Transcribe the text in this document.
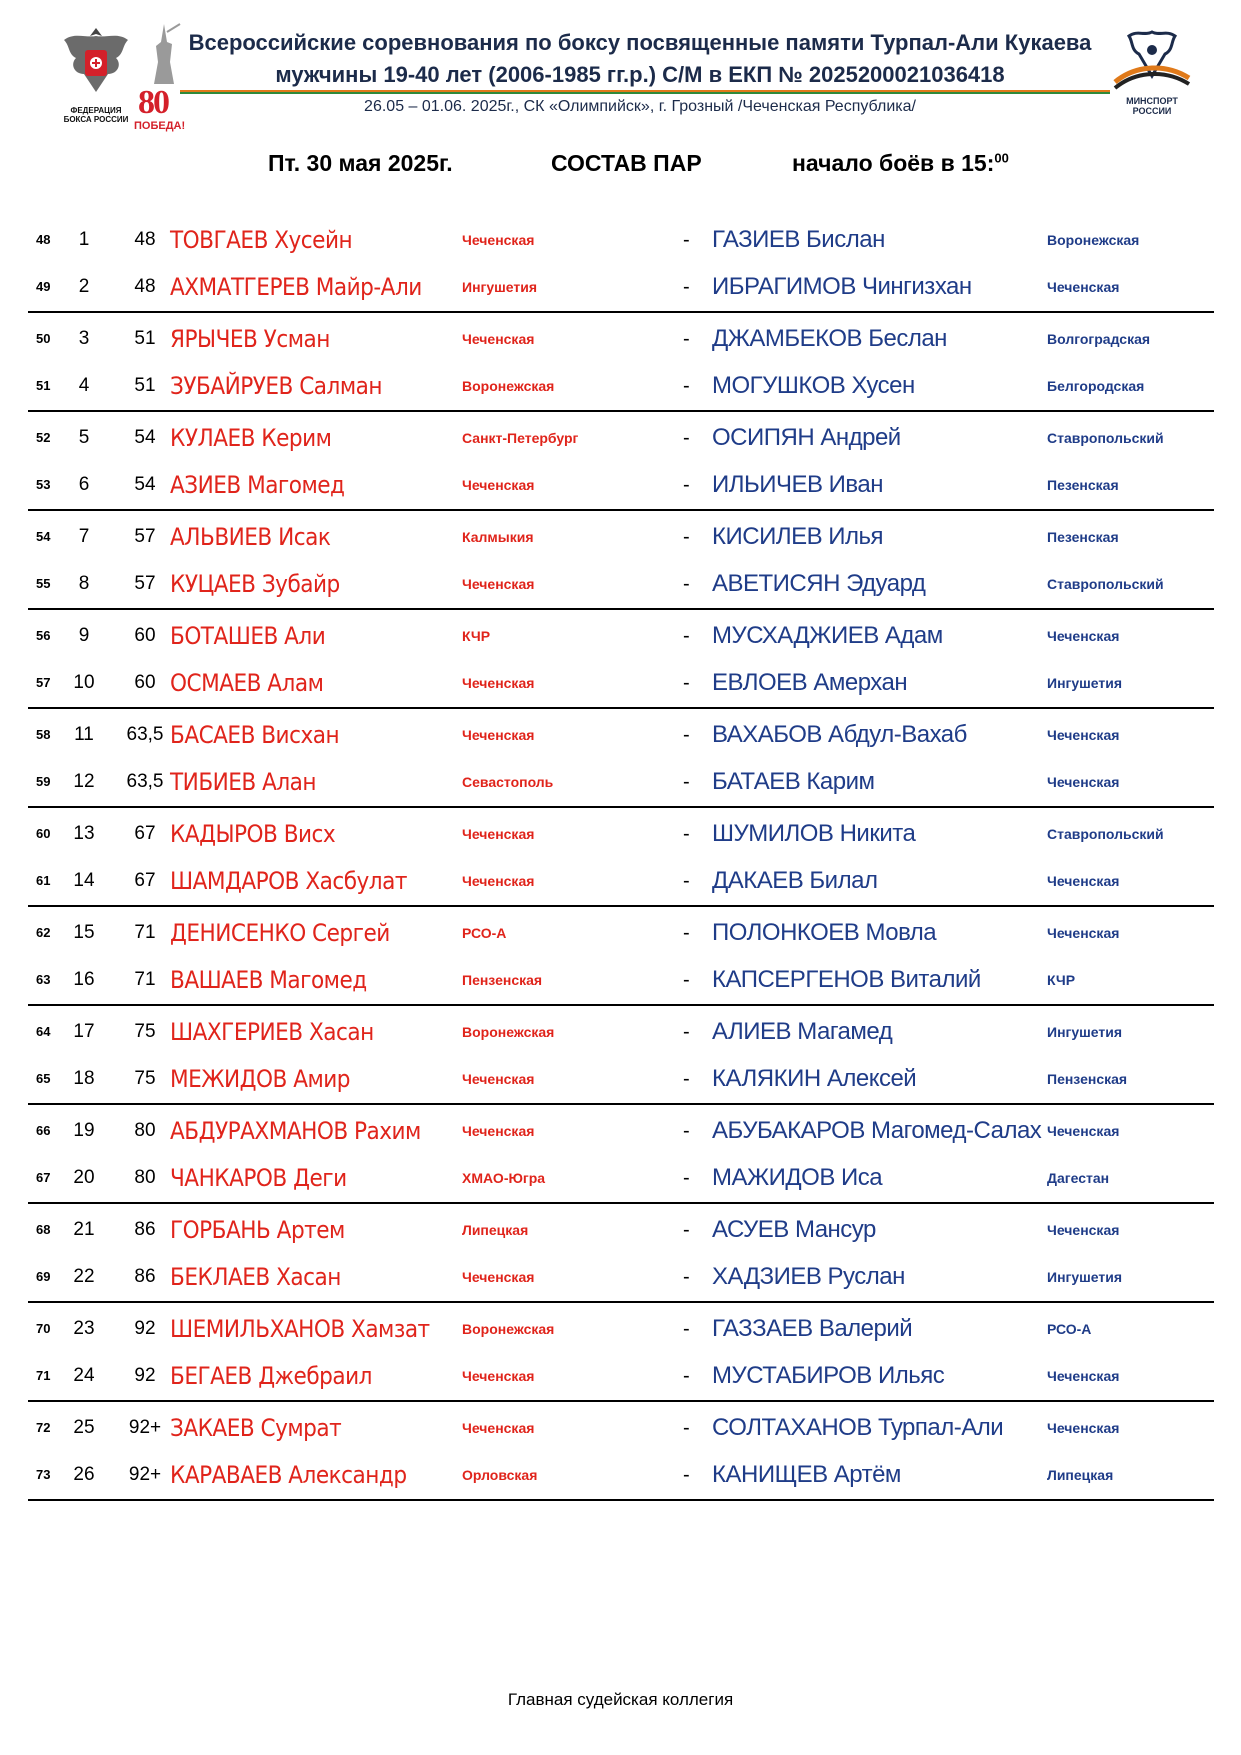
ФЕДЕРАЦИЯ БОКСА РОССИИ 80
ПОБЕДА!
Всероссийские соревнования по боксу посвященные памяти Турпал-Али Кукаева
мужчины 19-40 лет (2006-1985 гг.р.) С/М в ЕКП № 2025200021036418
26.05 – 01.06. 2025г., СК «Олимпийск», г. Грозный /Чеченская Республика/	МИНСПОРТ РОССИИ
Пт. 30 мая 2025г.	СОСТАВ ПАР	начало боёв в 15:$^{00}$
48	1	48 ТОВГАЕВ Хусейн	Чеченская	- ГАЗИЕВ Бислан	Воронежская
49	2	48 АХМАТГЕРЕВ Майр-Али	Ингушетия	- ИБРАГИМОВ Чингизхан	Чеченская
50	3	51 ЯРЫЧЕВ Усман	Чеченская	- ДЖАМБЕКОВ Беслан	Волгоградская
51	4	51 ЗУБАЙРУЕВ Салман	Воронежская	- МОГУШКОВ Хусен	Белгородская
52	5	54 КУЛАЕВ Керим	Санкт-Петербург	- ОСИПЯН Андрей	Ставропольский
53	6	54 АЗИЕВ Магомед	Чеченская	- ИЛЬИЧЕВ Иван	Пезенская
54	7	57 АЛЬВИЕВ Исак	Калмыкия	- КИСИЛЕВ Илья	Пезенская
55	8	57 КУЦАЕВ Зубайр	Чеченская	- АВЕТИСЯН Эдуард	Ставропольский
56	9	60 БОТАШЕВ Али	КЧР	- МУСХАДЖИЕВ Адам	Чеченская
57	10	60 ОСМАЕВ Алам	Чеченская	- ЕВЛОЕВ Амерхан	Ингушетия
58	11	63,5 БАСАЕВ Висхан	Чеченская	- ВАХАБОВ Абдул-Вахаб	Чеченская
59	12	63,5 ТИБИЕВ Алан	Севастополь	- БАТАЕВ Карим	Чеченская
60	13	67 КАДЫРОВ Висх	Чеченская	- ШУМИЛОВ Никита	Ставропольский
61	14	67 ШАМДАРОВ Хасбулат	Чеченская	- ДАКАЕВ Билал	Чеченская
62	15	71 ДЕНИСЕНКО Сергей	РСО-А	- ПОЛОНКОЕВ Мовла	Чеченская
63	16	71 ВАШАЕВ Магомед	Пензенская	- КАПСЕРГЕНОВ Виталий	КЧР
64	17	75 ШАХГЕРИЕВ Хасан	Воронежская	- АЛИЕВ Магамед	Ингушетия
65	18	75 МЕЖИДОВ Амир	Чеченская	- КАЛЯКИН Алексей	Пензенская
66	19	80 АБДУРАХМАНОВ Рахим	Чеченская	- АБУБАКАРОВ Магомед-Салах Чеченская
67	20	80 ЧАНКАРОВ Деги	ХМАО-Югра	- МАЖИДОВ Иса	Дагестан
68	21	86 ГОРБАНЬ Артем	Липецкая	- АСУЕВ Мансур	Чеченская
69	22	86 БЕКЛАЕВ Хасан	Чеченская	- ХАДЗИЕВ Руслан	Ингушетия
70	23	92 ШЕМИЛЬХАНОВ Хамзат Воронежская	- ГАЗЗАЕВ Валерий	РСО-А
71	24	92 БЕГАЕВ Джебраил	Чеченская	- МУСТАБИРОВ Ильяс	Чеченская
72	25	92+ ЗАКАЕВ Сумрат	Чеченская	- СОЛТАХАНОВ Турпал-Али	Чеченская
73	26	92+ КАРАВАЕВ Александр	Орловская	- КАНИЩЕВ Артём	Липецкая
Главная судейская коллегия
